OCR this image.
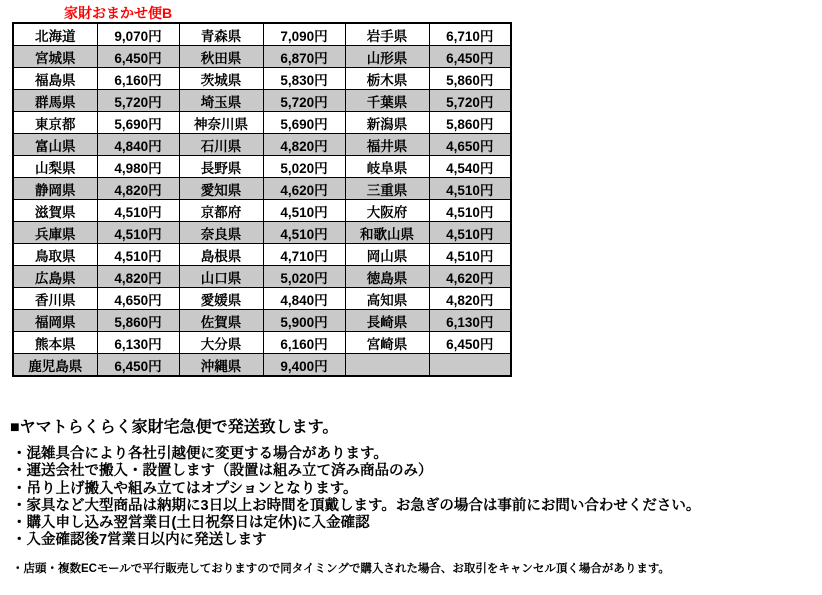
家財おまかせ便B
北海道	9,070円	青森県	7,090円	岩手県	6,710円
宮城県	6,450円	秋田県	6,870円	山形県	6,450円
福島県	6,160円	茨城県	5,830円	栃木県	5,860円
群馬県	5,720円	埼玉県	5,720円	千葉県	5,720円
東京都	5,690円	神奈川県	5,690円	新潟県	5,860円
富山県	4,840円	石川県	4,820円	福井県	4,650円
山梨県	4,980円	長野県	5,020円	岐阜県	4,540円
静岡県	4,820円	愛知県	4,620円	三重県	4,510円
滋賀県	4,510円	京都府	4,510円	大阪府	4,510円
兵庫県	4,510円	奈良県	4,510円	和歌山県	4,510円
鳥取県	4,510円	島根県	4,710円	岡山県	4,510円
広島県	4,820円	山口県	5,020円	徳島県	4,620円
香川県	4,650円	愛媛県	4,840円	高知県	4,820円
福岡県	5,860円	佐賀県	5,900円	長崎県	6,130円
熊本県	6,130円	大分県	6,160円	宮崎県	6,450円
鹿児島県	6,450円	沖縄県	9,400円		

■ヤマトらくらく家財宅急便で発送致します。

・混雑具合により各社引越便に変更する場合があります。
・運送会社で搬入・設置します（設置は組み立て済み商品のみ）
・吊り上げ搬入や組み立てはオプションとなります。
・家具など大型商品は納期に3日以上お時間を頂戴します。お急ぎの場合は事前にお問い合わせください。
・購入申し込み翌営業日(土日祝祭日は定休)に入金確認
・入金確認後7営業日以内に発送します

・店頭・複数ECモールで平行販売しておりますので同タイミングで購入された場合、お取引をキャンセル頂く場合があります。
